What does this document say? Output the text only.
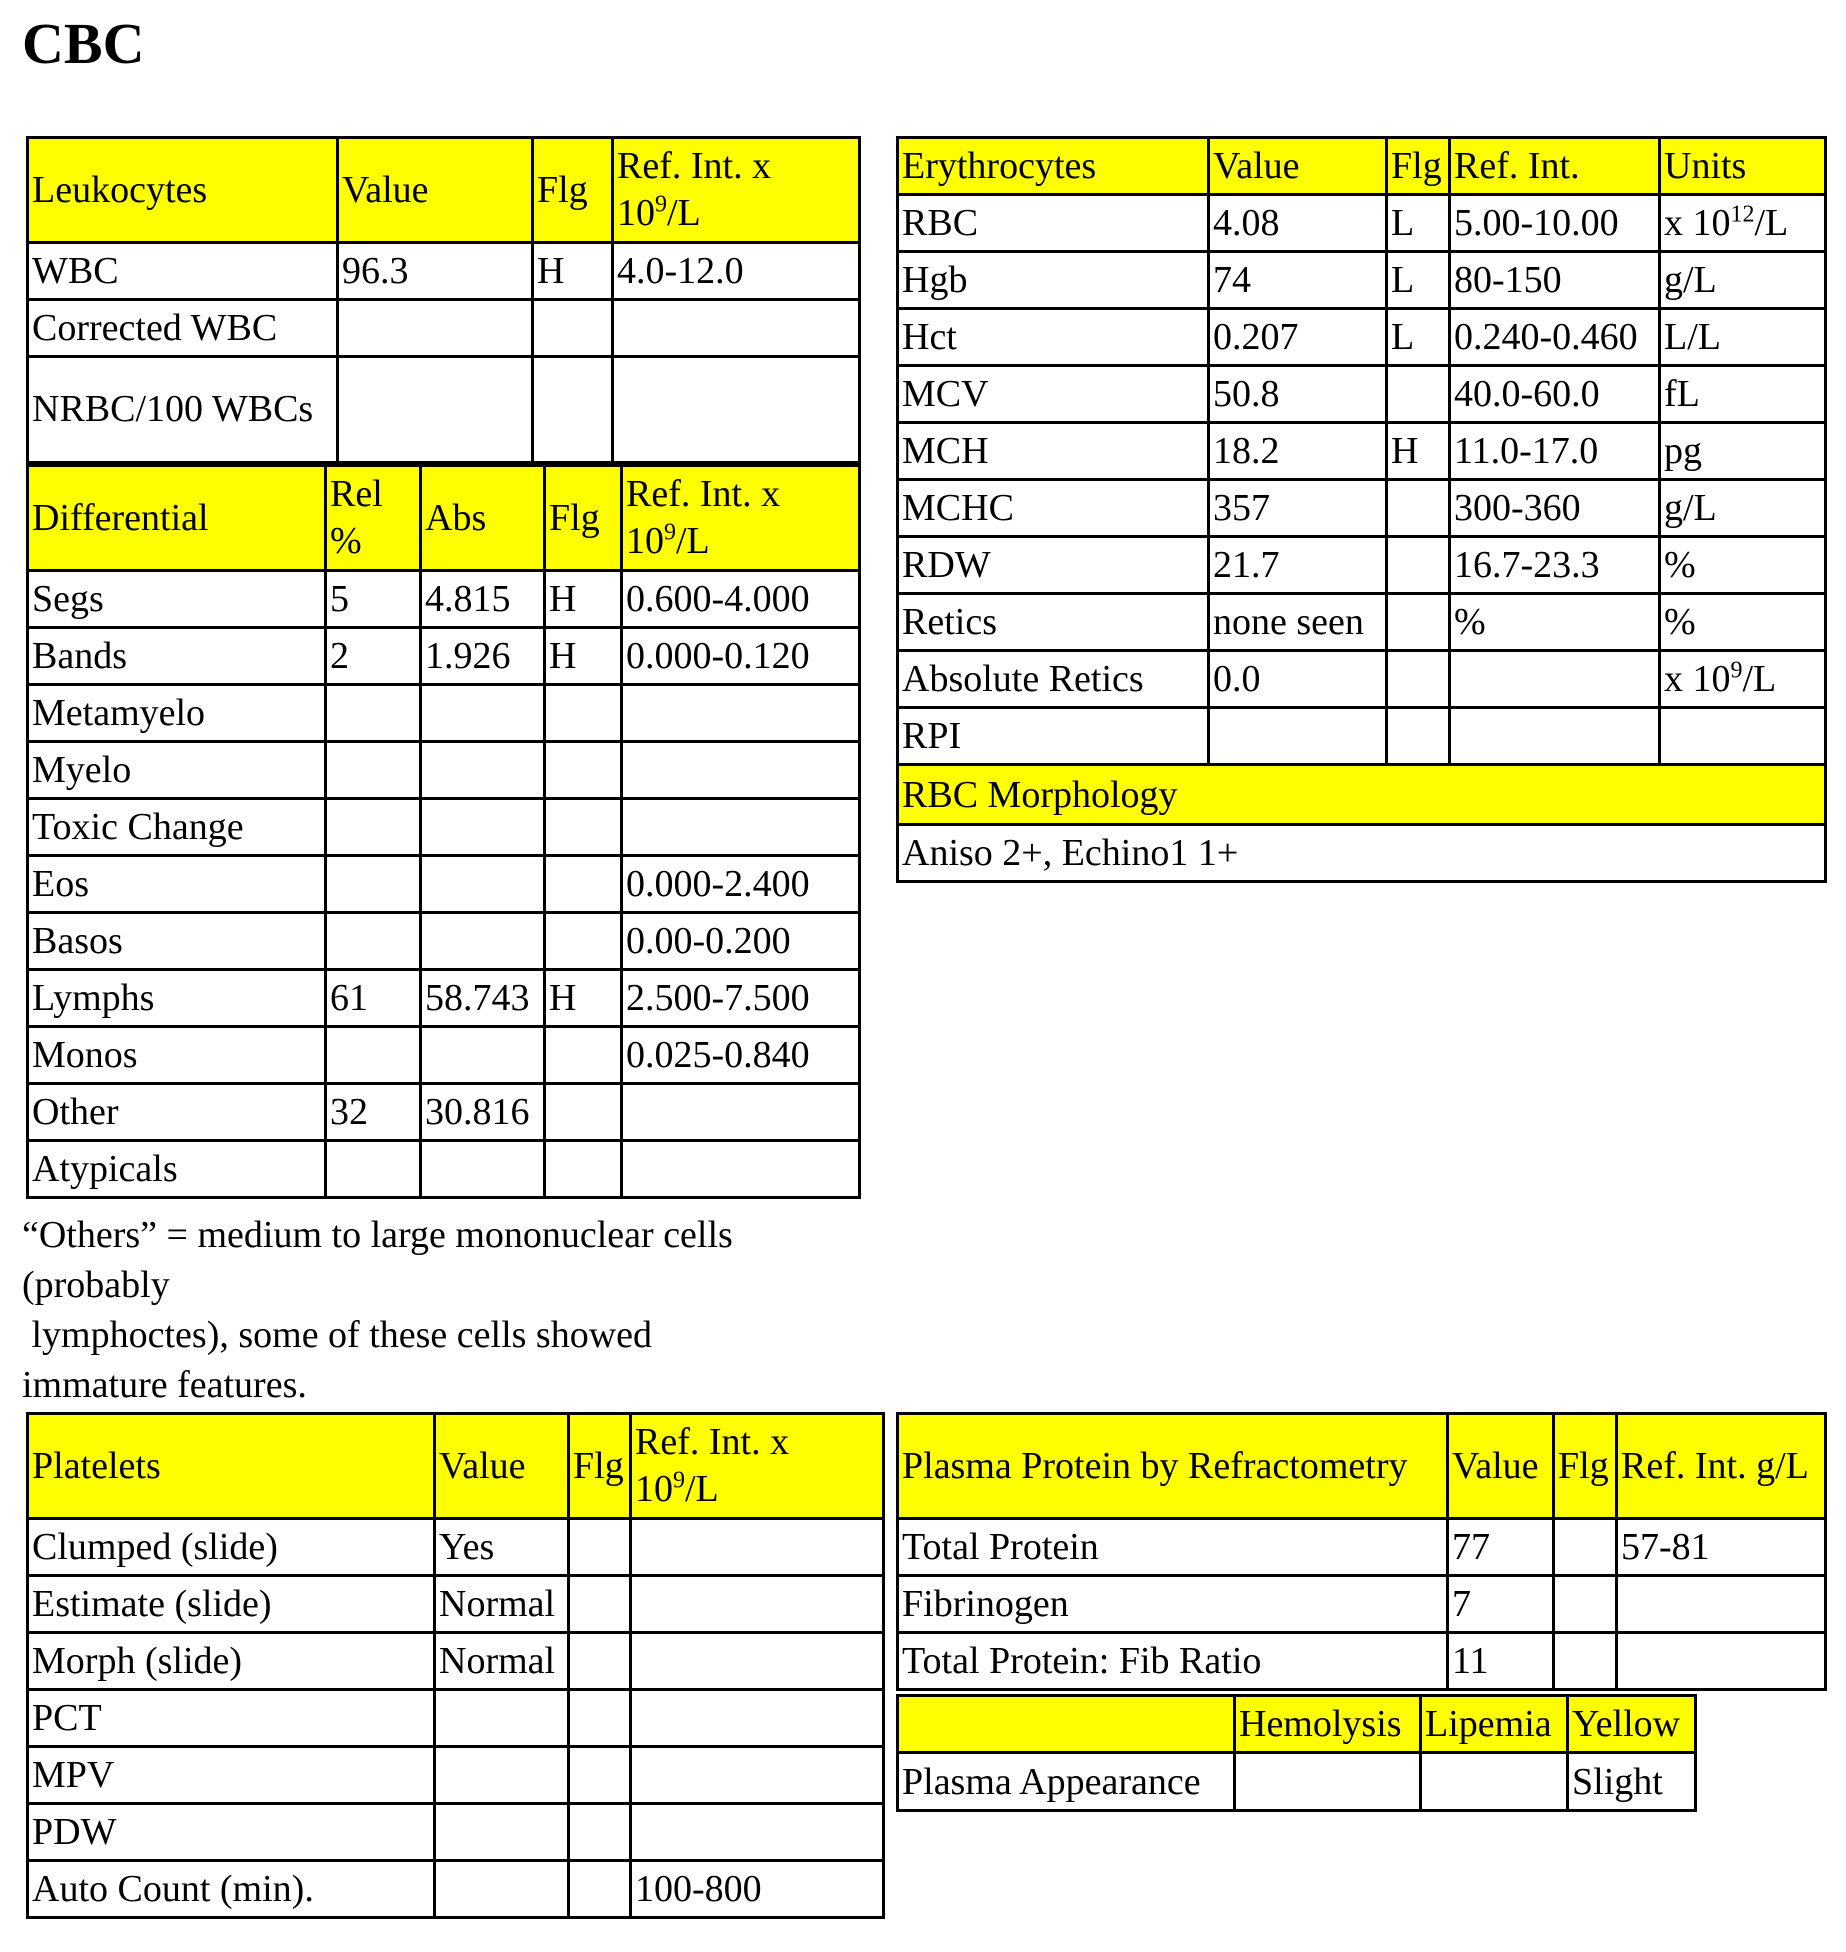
CBC
Leukocytes	Value	Flg	Ref. Int. x $10^9/L$
WBC	96.3	H	4.0-12.0
Corrected WBC			
NRBC/100 WBCs			
Differential	Rel %	Abs	Flg	Ref. Int. x $10^9/L$
Segs	5	4.815	H	0.600-4.000
Bands	2	1.926	H	0.000-0.120
Metamyelo				
Myelo				
Toxic Change				
Eos				0.000-2.400
Basos				0.00-0.200
Lymphs	61	58.743	H	2.500-7.500
Monos				0.025-0.840
Other	32	30.816		
Atypicals				

“Others” = medium to large mononuclear cells

(probably

lymphoctes), some of these cells showed

immature features.

Erythrocytes	Value	Flg	Ref. Int.	Units
RBC	4.08	L	5.00-10.00	x $10^{12}/L$
Hgb	74	L	80-150	g/L
Hct	0.207	L	0.240-0.460	L/L
MCV	50.8		40.0-60.0	fL
MCH	18.2	H	11.0-17.0	pg
MCHC	357		300-360	g/L
RDW	21.7		16.7-23.3	%
Retics	none seen		%	%
Absolute Retics	0.0			x $10^9/L$
RPI				
RBC Morphology				
Aniso 2+, Echino1 1+				
Platelets	Value	Flg	Ref. Int. x $10^9/L$
Clumped (slide)	Yes		
Estimate (slide)	Normal		
Morph (slide)	Normal		
PCT			
MPV			
PDW			
Auto Count (min).			100-800
Plasma Protein by Refractometry	Value	Flg	Ref. Int. g/L
Total Protein	77		57-81
Fibrinogen	7		
Total Protein: Fib Ratio	11		
	Hemolysis	Lipemia	Yellow
Plasma Appearance			Slight
